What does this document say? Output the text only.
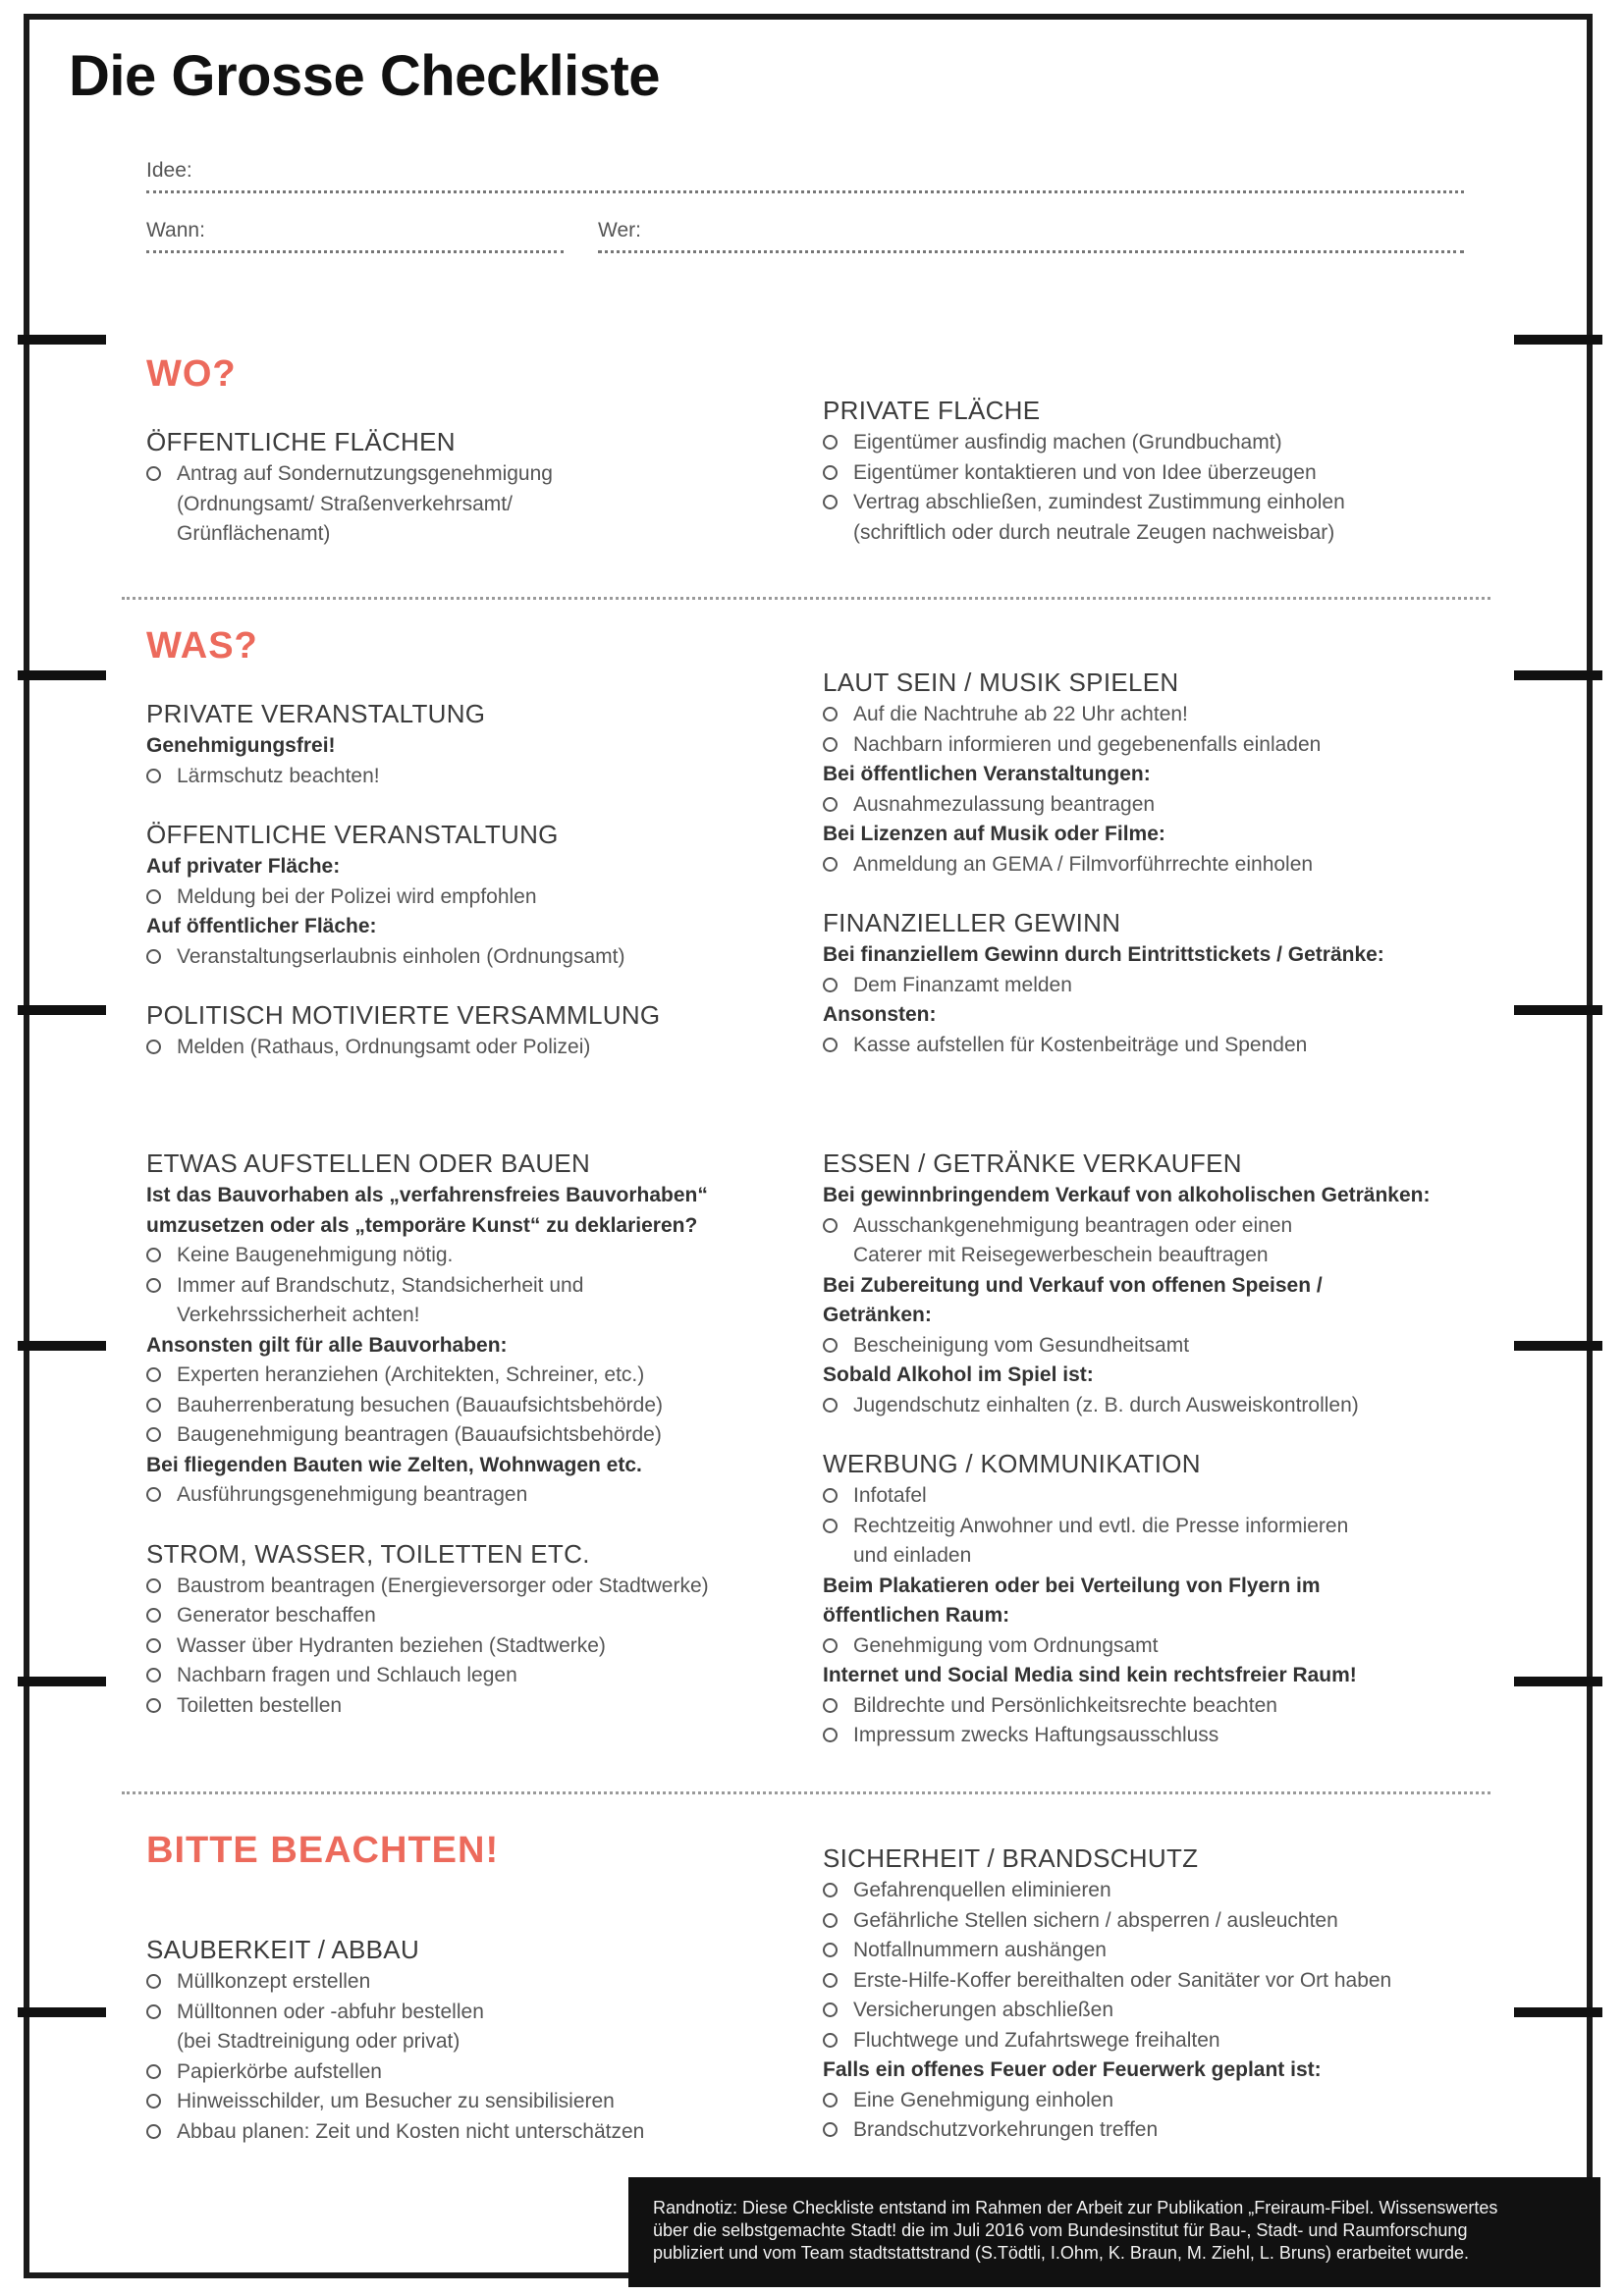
Die Grosse Checkliste
Idee:
Wann:	Wer:
WO?
ÖFFENTLICHE FLÄCHEN
Antrag auf Sondernutzungsgenehmigung
(Ordnungsamt/ Straßenverkehrsamt/
Grünflächenamt)
PRIVATE FLÄCHE
Eigentümer ausfindig machen (Grundbuchamt)
Eigentümer kontaktieren und von Idee überzeugen
Vertrag abschließen, zumindest Zustimmung einholen
(schriftlich oder durch neutrale Zeugen nachweisbar)
WAS?
PRIVATE VERANSTALTUNG
Genehmigungsfrei!
Lärmschutz beachten!
ÖFFENTLICHE VERANSTALTUNG
Auf privater Fläche:
Meldung bei der Polizei wird empfohlen
Auf öffentlicher Fläche:
Veranstaltungserlaubnis einholen (Ordnungsamt)
POLITISCH MOTIVIERTE VERSAMMLUNG
Melden (Rathaus, Ordnungsamt oder Polizei)
LAUT SEIN / MUSIK SPIELEN
Auf die Nachtruhe ab 22 Uhr achten!
Nachbarn informieren und gegebenenfalls einladen
Bei öffentlichen Veranstaltungen:
Ausnahmezulassung beantragen
Bei Lizenzen auf Musik oder Filme:
Anmeldung an GEMA / Filmvorführrechte einholen
FINANZIELLER GEWINN
Bei finanziellem Gewinn durch Eintrittstickets / Getränke:
Dem Finanzamt melden
Ansonsten:
Kasse aufstellen für Kostenbeiträge und Spenden
ETWAS AUFSTELLEN ODER BAUEN
Ist das Bauvorhaben als „verfahrensfreies Bauvorhaben“
umzusetzen oder als „temporäre Kunst“ zu deklarieren?
Keine Baugenehmigung nötig.
Immer auf Brandschutz, Standsicherheit und
Verkehrssicherheit achten!
Ansonsten gilt für alle Bauvorhaben:
Experten heranziehen (Architekten, Schreiner, etc.)
Bauherrenberatung besuchen (Bauaufsichtsbehörde)
Baugenehmigung beantragen (Bauaufsichtsbehörde)
Bei fliegenden Bauten wie Zelten, Wohnwagen etc.
Ausführungsgenehmigung beantragen
STROM, WASSER, TOILETTEN ETC.
Baustrom beantragen (Energieversorger oder Stadtwerke)
Generator beschaffen
Wasser über Hydranten beziehen (Stadtwerke)
Nachbarn fragen und Schlauch legen
Toiletten bestellen
ESSEN / GETRÄNKE VERKAUFEN
Bei gewinnbringendem Verkauf von alkoholischen Getränken:
Ausschankgenehmigung beantragen oder einen
Caterer mit Reisegewerbeschein beauftragen
Bei Zubereitung und Verkauf von offenen Speisen /
Getränken:
Bescheinigung vom Gesundheitsamt
Sobald Alkohol im Spiel ist:
Jugendschutz einhalten (z. B. durch Ausweiskontrollen)
WERBUNG / KOMMUNIKATION
Infotafel
Rechtzeitig Anwohner und evtl. die Presse informieren
und einladen
Beim Plakatieren oder bei Verteilung von Flyern im
öffentlichen Raum:
Genehmigung vom Ordnungsamt
Internet und Social Media sind kein rechtsfreier Raum!
Bildrechte und Persönlichkeitsrechte beachten
Impressum zwecks Haftungsausschluss
BITTE BEACHTEN!
SAUBERKEIT / ABBAU
Müllkonzept erstellen
Mülltonnen oder -abfuhr bestellen
(bei Stadtreinigung oder privat)
Papierkörbe aufstellen
Hinweisschilder, um Besucher zu sensibilisieren
Abbau planen: Zeit und Kosten nicht unterschätzen
SICHERHEIT / BRANDSCHUTZ
Gefahrenquellen eliminieren
Gefährliche Stellen sichern / absperren / ausleuchten
Notfallnummern aushängen
Erste-Hilfe-Koffer bereithalten oder Sanitäter vor Ort haben
Versicherungen abschließen
Fluchtwege und Zufahrtswege freihalten
Falls ein offenes Feuer oder Feuerwerk geplant ist:
Eine Genehmigung einholen
Brandschutzvorkehrungen treffen
Randnotiz: Diese Checkliste entstand im Rahmen der Arbeit zur Publikation „Freiraum-Fibel. Wissenswertes
über die selbstgemachte Stadt! die im Juli 2016 vom Bundesinstitut für Bau-, Stadt- und Raumforschung
publiziert und vom Team stadtstattstrand (S.Tödtli, I.Ohm, K. Braun, M. Ziehl, L. Bruns) erarbeitet wurde.
